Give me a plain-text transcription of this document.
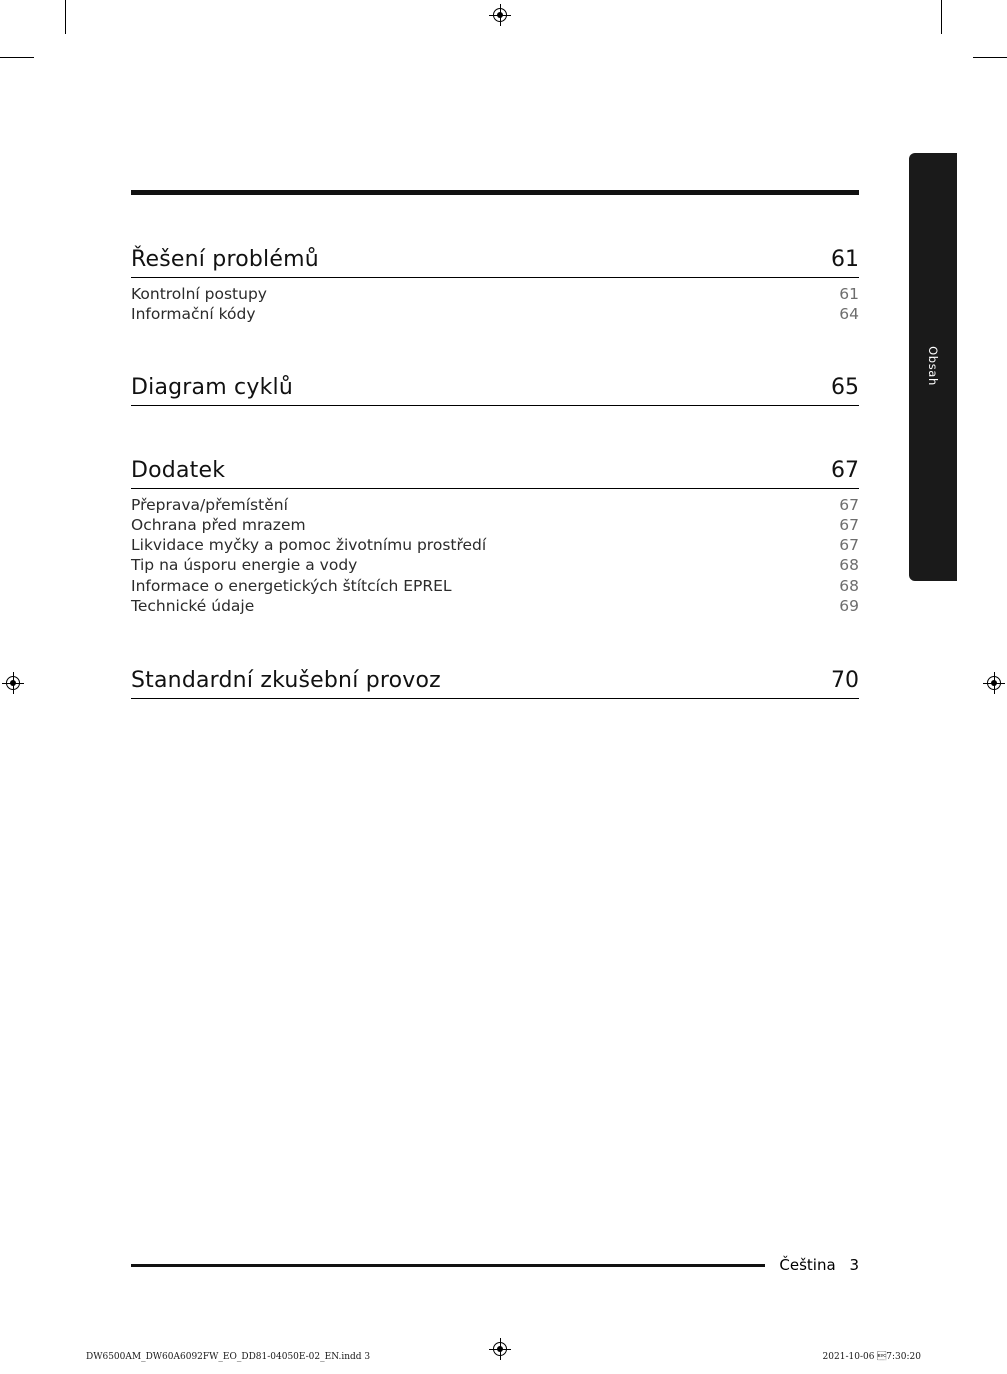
Obsah
Řešení problémů	61
Kontrolní postupy	61
Informační kódy	64
Diagram cyklů	65
Dodatek	67
Přeprava/přemístění	67
Ochrana před mrazem	67
Likvidace myčky a pomoc životnímu prostředí	67
Tip na úsporu energie a vody	68
Informace o energetických štítcích EPREL	68
Technické údaje	69
Standardní zkušební provoz	70
Čeština 3
DW6500AM_DW60A6092FW_EO_DD81-04050E-02_EN.indd 3	2021-10-06 7:30:20
